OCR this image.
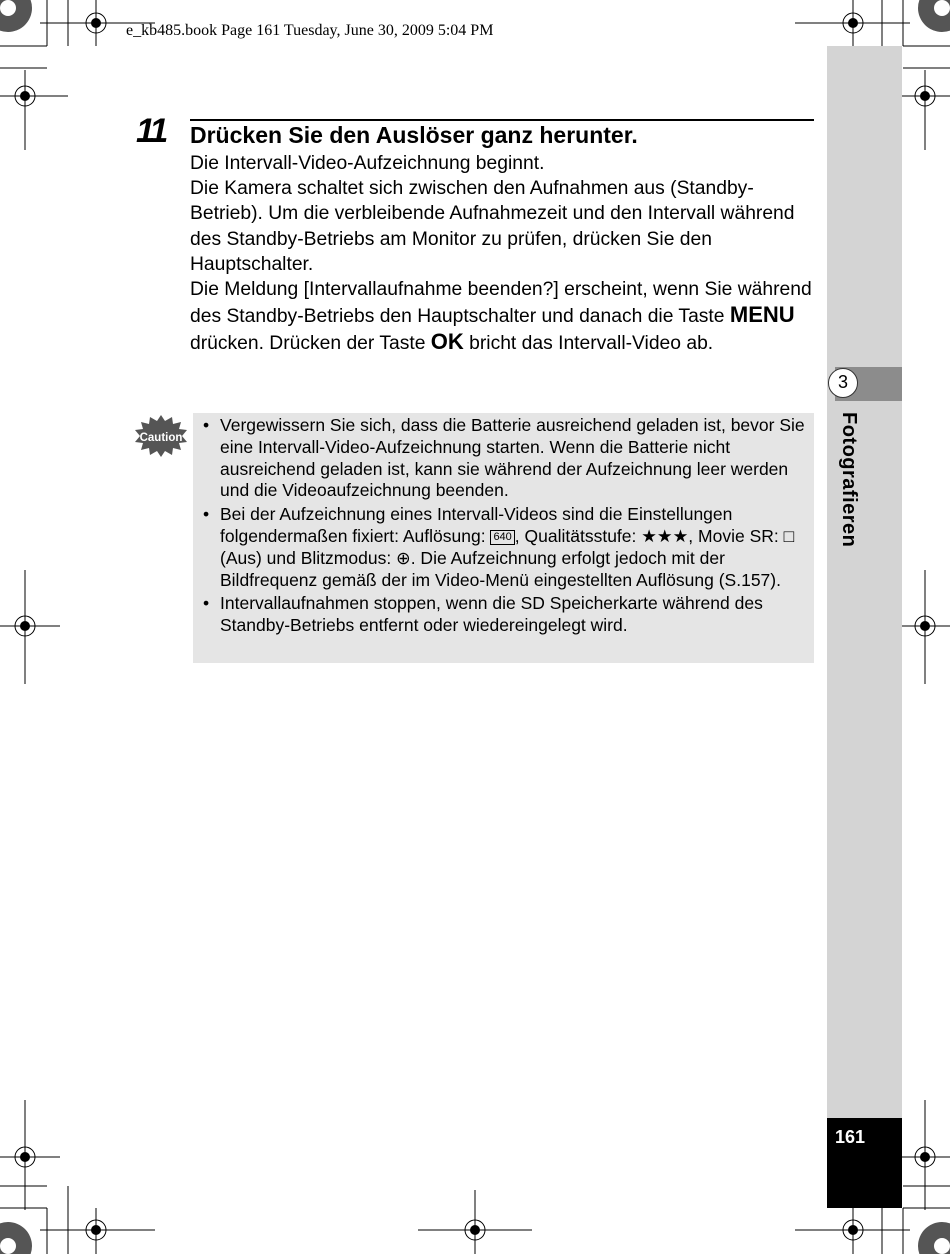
e_kb485.book Page 161 Tuesday, June 30, 2009 5:04 PM
3
Fotografieren
161
11 Drücken Sie den Auslöser ganz herunter.

Die Intervall-Video-Aufzeichnung beginnt.

Die Kamera schaltet sich zwischen den Aufnahmen aus (Standby-Betrieb). Um die verbleibende Aufnahmezeit und den Intervall während des Standby-Betriebs am Monitor zu prüfen, drücken Sie den Hauptschalter.

Die Meldung [Intervallaufnahme beenden?] erscheint, wenn Sie während des Standby-Betriebs den Hauptschalter und danach die Taste MENU drücken. Drücken der Taste OK bricht das Intervall-Video ab.

Caution
• Vergewissern Sie sich, dass die Batterie ausreichend geladen ist, bevor Sie eine Intervall-Video-Aufzeichnung starten. Wenn die Batterie nicht ausreichend geladen ist, kann sie während der Aufzeichnung leer werden und die Videoaufzeichnung beenden.
• Bei der Aufzeichnung eines Intervall-Videos sind die Einstellungen folgendermaßen fixiert: Auflösung: 640 , Qualitätsstufe: ★★★, Movie SR: □ (Aus) und Blitzmodus: ⊕. Die Aufzeichnung erfolgt jedoch mit der Bildfrequenz gemäß der im Video-Menü eingestellten Auflösung (S.157).
• Intervallaufnahmen stoppen, wenn die SD Speicherkarte während des Standby-Betriebs entfernt oder wiedereingelegt wird.
